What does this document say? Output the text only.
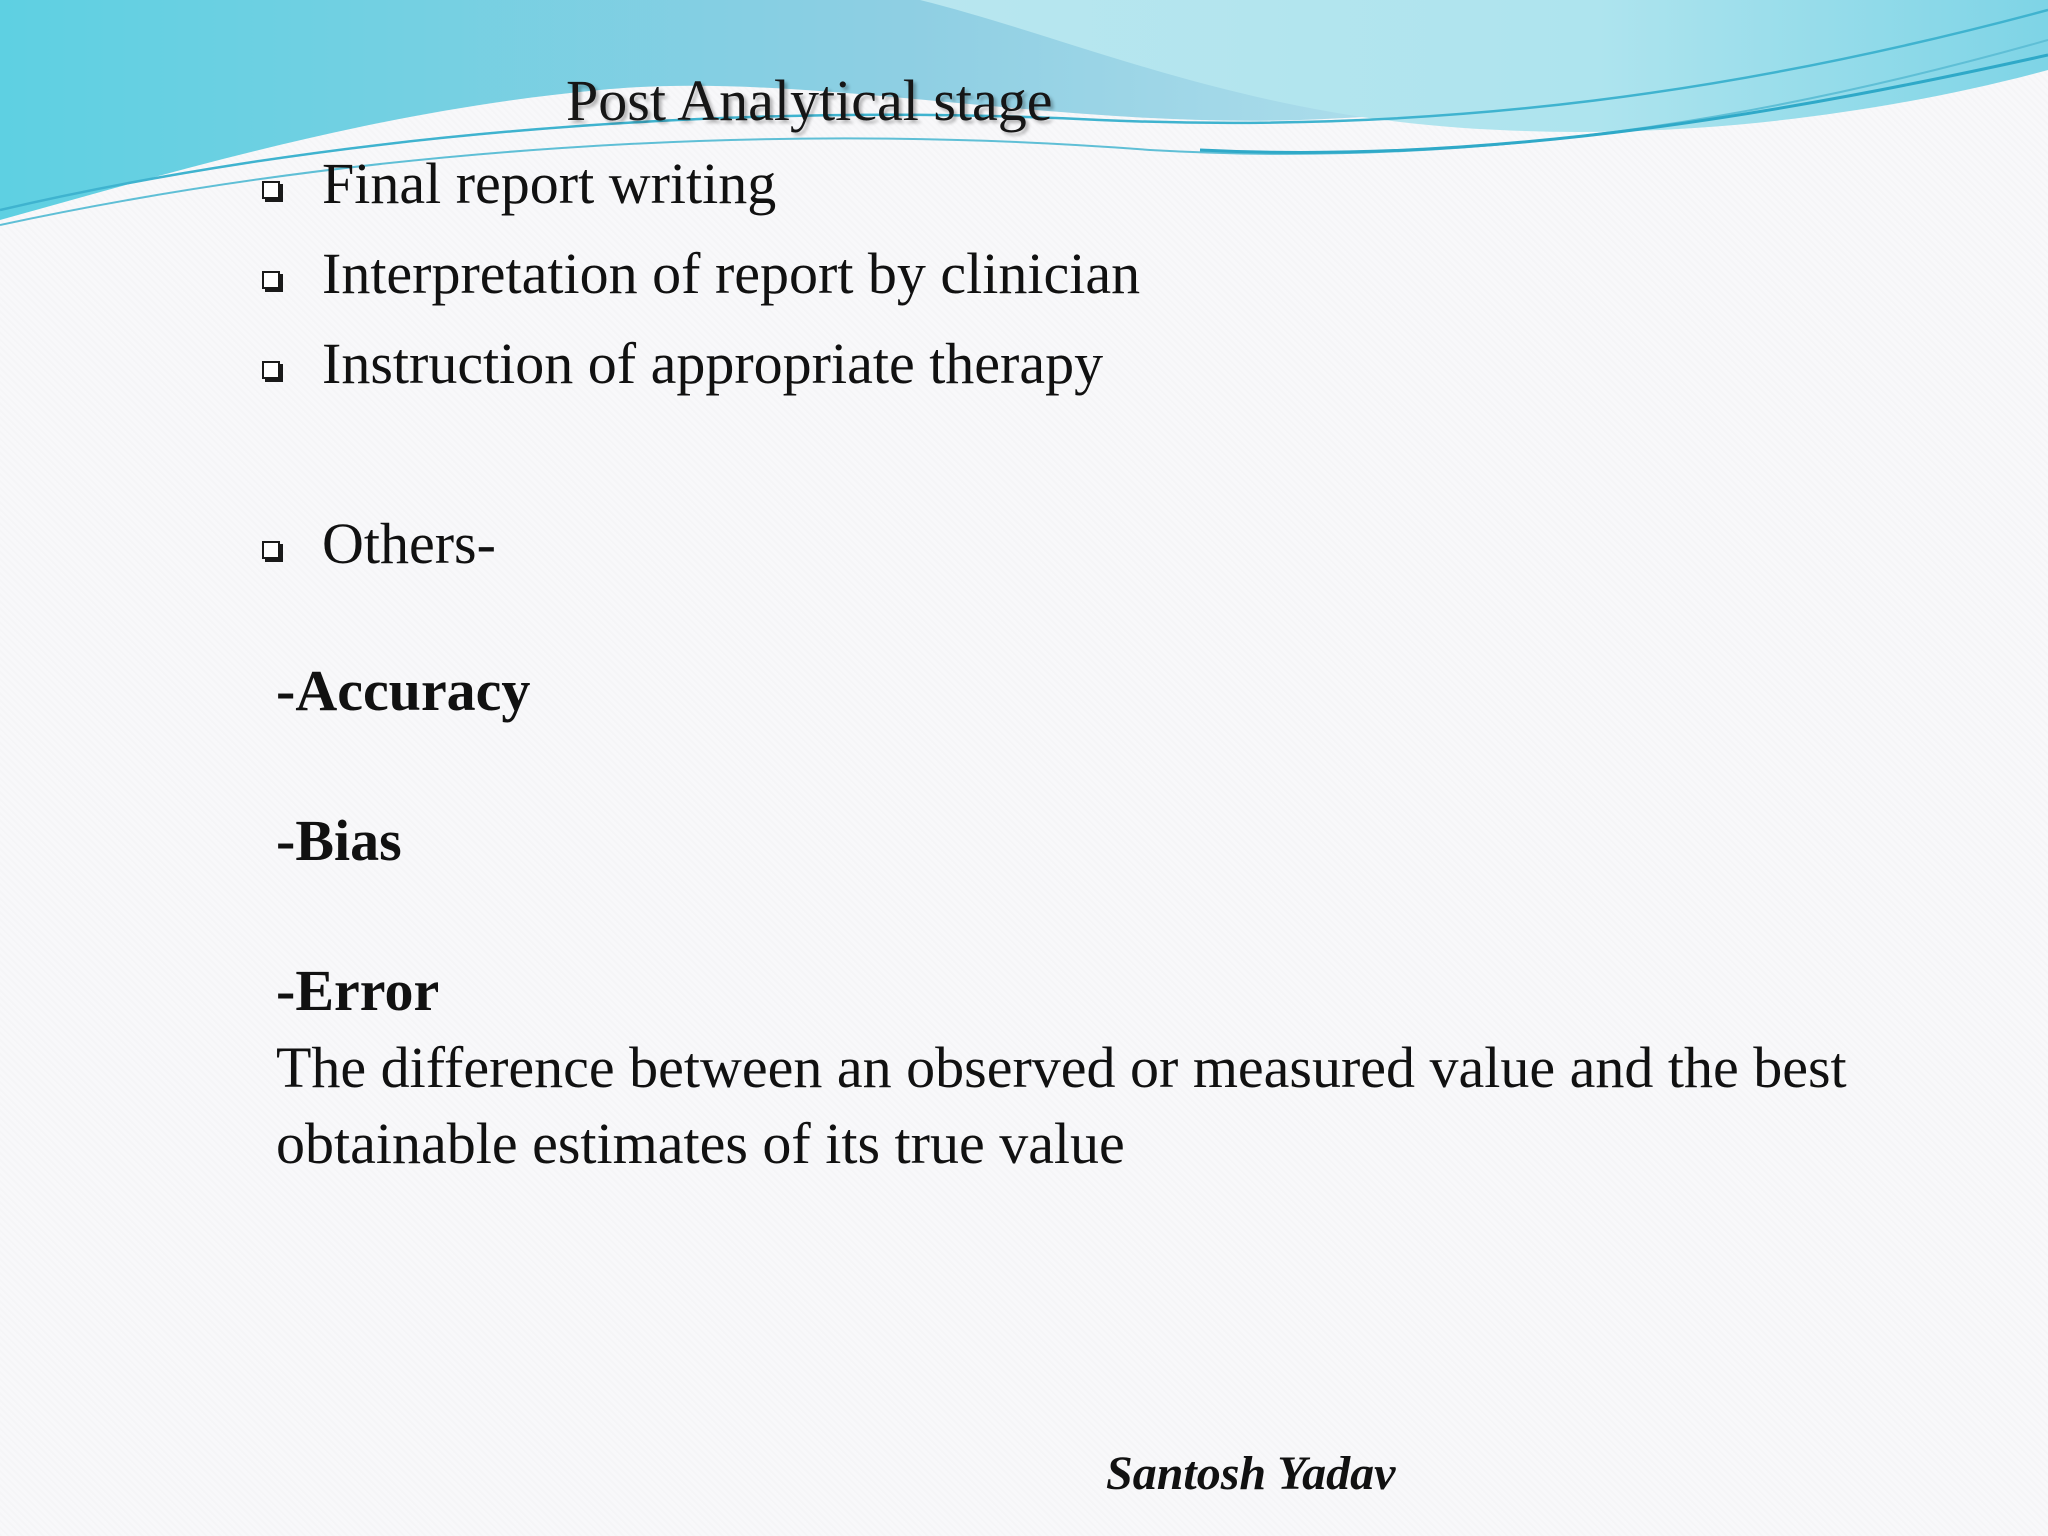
Post Analytical stage
Final report writing
Interpretation of report by clinician
Instruction of appropriate therapy
Others-
-Accuracy
-Bias
-Error

The difference between an observed or measured value and the best obtainable estimates of its true value

Santosh Yadav
